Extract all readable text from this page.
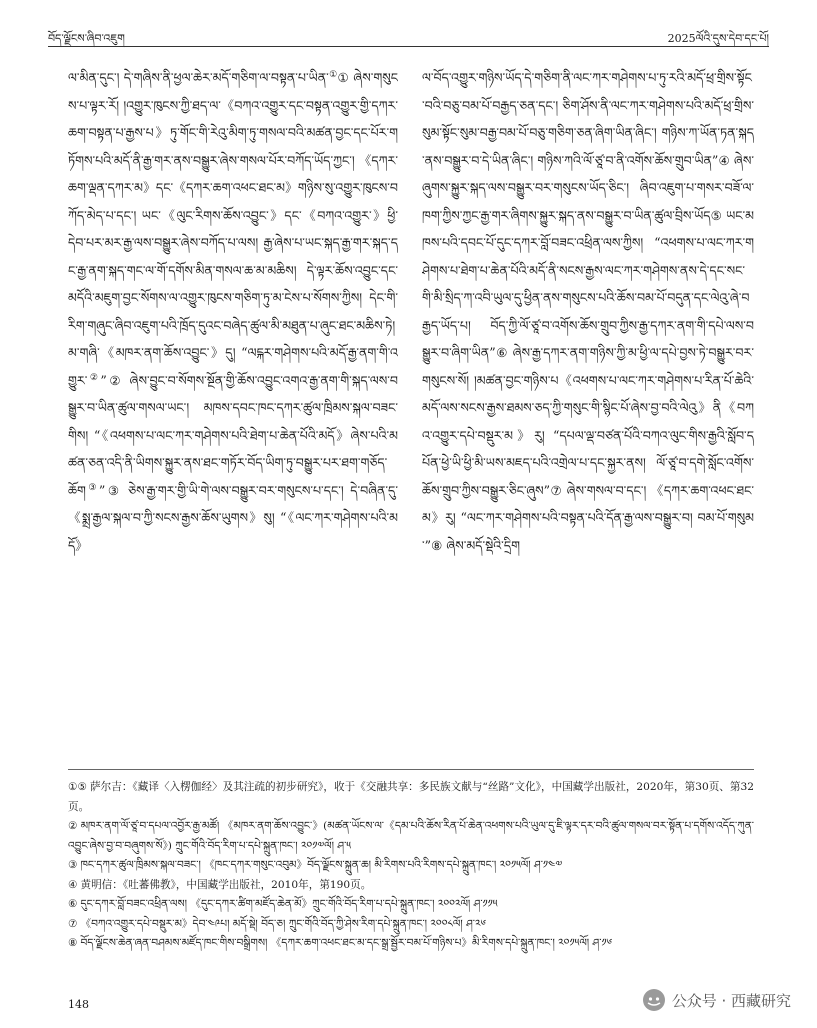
བོད་ལྗོངས་ཞིབ་འཇུག	2025ལོའི་དུས་དེབ་དང་པོ།
ལ་མིན་དུང་། དེ་གཞིས་ནི་ཕྱལ་ཆེར་མདོ་གཅིག་ལ་བསྟན་པ་ཡིན་①① ཞེས་གསུངས་པ་ལྟར་རོ། །འགྱུར་ཁུངས་ཀྱི་ཐད་ལ་《བཀའ་འགྱུར་དང་བསྟན་འགྱུར་གྱི་དཀར་ཆག་བསྟན་པ་རྒྱས་པ》ཏུ་གོང་གི་རེའུ་མིག་ཏུ་གསལ་བའི་མཚན་བྱང་དང་པོར་གཏོགས་པའི་མདོ་ནི་རྒྱ་གར་ནས་བསྒྱུར་ཞེས་གསལ་པོར་བཀོད་ཡོད་ཀྱང་། 《དཀར་ཆག་ལྡན་དཀར་མ》དང་《དཀར་ཆག་འཕང་ཐང་མ》གཉིས་སུ་འགྱུར་ཁུངས་བཀོད་མེད་པ་དང་། ཡང་《ལུང་རིགས་ཆོས་འབྱུང་》དང་《བཀའ་འགྱུར་》ཕྱི་དེབ་པར་མར་རྒྱ་ལས་བསྒྱུར་ཞེས་བཀོད་པ་ལས། རྒྱ་ཞེས་པ་ཡང་སྐད་རྒྱ་གར་སྐད་དང་རྒྱ་ནག་སྐད་གང་ལ་གོ་དགོས་མིན་གསལ་ཆ་མ་མཆིས། དེ་ལྟར་ཆོས་འབྱུང་དང་མདོའི་མཇུག་བྱང་སོགས་ལ་འགྱུར་ཁུངས་གཅིག་ཏུ་མ་ངེས་པ་སོགས་ཀྱིས། དེང་གི་རིག་གཞུང་ཞིབ་འཇུག་པའི་ཁྲོད་དུའང་བཞེད་ཚུལ་མི་མཐུན་པ་ཞུང་ཐང་མཆིས་ཏེ། མ་གཞི་《མཁར་ནག་ཆོས་འབྱུང་》དུ། “ལངྐར་གཤེགས་པའི་མདོ་རྒྱ་ནག་གི་འགྱུར་②”② ཞེས་བྱུང་བ་སོགས་སྔོན་གྱི་ཆོས་འབྱུང་འགའ་རྒྱ་ནག་གི་སྐད་ལས་བསྒྱུར་བ་ཡིན་ཚུལ་གསལ་ཡང་། མཁས་དབང་ཁང་དཀར་ཚུལ་ཁྲིམས་སྐལ་བཟང་གིས། “《འཕགས་པ་ལང་ཀར་གཤེགས་པའི་ཐེག་པ་ཆེན་པོའི་མདོ》ཞེས་པའི་མཚན་ཅན་འདི་ནི་ཡིགས་སྐྱུར་ནས་ཐང་གཏོར་བོད་ཡིག་ཏུ་བསྒྱུར་པར་ཐག་གཅོད་ཆོག③”③ ཅེས་རྒྱ་གར་གྱི་ཡི་གེ་ལས་བསྒྱུར་བར་གསུངས་པ་དང་། དེ་བཞིན་དུ་《སྨྲ་རྒྱལ་སྐལ་བ་ཀྱི་སངས་རྒྱས་ཆོས་ཡུགས》སུ། “《ལང་ཀར་གཤེགས་པའི་མདོ》
ལ་བོད་འགྱུར་གཉིས་ཡོད་དེ་གཅིག་ནི་ལང་ཀར་གཤེགས་པ་ཏུ་རའི་མདོ་ཕྲ་གྲིས་སྟོང་བའི་བཅུ་བམ་པོ་བརྒྱད་ཅན་དང་། ཅིག་ཤོས་ནི་ལང་ཀར་གཤེགས་པའི་མདོ་ཕྲ་གྲིས་སུམ་སྟོང་སུམ་བརྒྱ་བམ་པོ་བཅུ་གཅིག་ཅན་ཞིག་ཡིན་ཞིང་། གཉིས་ཀ་ཡོན་ཏན་སྐད་ནས་བསྒྱུར་བ་དེ་ཡིན་ཞིང་། གཉིས་ཀའི་ལོ་ཙཱ་བ་ནི་འགོས་ཆོས་གྲུབ་ཡིན”④ ཞེས་ཞུགས་སྐྱུར་སྐད་ལས་བསྒྱུར་བར་གསུངས་ཡོད་ཅིང་། ཞིབ་འཇུག་པ་གསར་བཟོ་ལ་ཁག་ཀྱིས་ཀྱང་རྒྱ་གར་ཞིགས་སྐྱུར་སྐད་ནས་བསྒྱུར་བ་ཡིན་ཚུལ་བྲིས་ཡོད⑤ ཡང་མཁས་པའི་དབང་པོ་དུང་དཀར་བློ་བཟང་འཕྲིན་ལས་ཀྱིས། “འཕགས་པ་ལང་ཀར་གཤེགས་པ་ཐེག་པ་ཆེན་པོའི་མདོ་ནི་སངས་རྒྱས་ལང་ཀར་གཤེགས་ནས་དེ་དང་སང་གི་མི་སྲིད་ཀ་འབི་ཡུལ་དུ་ཕྱིན་ནས་གསུངས་པའི་ཆོས་བམ་པོ་བདུན་དང་ལེའུ་ཞེ་བརྒྱད་ཡོད་པ། བོད་ཀྱི་ལོ་ཙཱ་བ་འགོས་ཆོས་གྲུབ་ཀྱིས་རྒྱ་དཀར་ནག་གི་དཔེ་ལས་བསྒྱུར་བ་ཞིག་ཡིན”⑥ ཞེས་རྒྱ་དཀར་ནག་གཉིས་ཀྱི་མ་ཕྱི་ལ་དཔེ་བྱས་ཏེ་བསྒྱུར་བར་གསུངས་སོ། །མཚན་བྱང་གཉིས་པ《འཕགས་པ་ལང་ཀར་གཤེགས་པ་རིན་པོ་ཆེའི་མདོ་ལས་སངས་རྒྱས་ཐམས་ཅད་ཀྱི་གསུང་གི་སྙིང་པོ་ཞེས་བྱ་བའི་ལེའུ》ནི《བཀའ་འགྱུར་དཔེ་བསྡུར་མ》རུ། “དཔལ་ལྡ་བཙན་པོའི་བཀའ་ལུང་གིས་རྒྱའི་སློབ་དཔོན་ཕྱེ་ཡི་ཕྱི་མི་ཡས་མཇད་པའི་འགྲེལ་པ་དང་སྐྱར་ནས། ལོ་ཙཱ་བ་དགེ་སློང་འགོས་ཆོས་གྲུབ་ཀྱིས་བསྒྱུར་ཅིང་ཞུས”⑦ ཞེས་གསལ་བ་དང་། 《དཀར་ཆག་འཕང་ཐང་མ》རུ། “ལང་ཀར་གཤེགས་པའི་བསྟན་པའི་དོན་རྒྱ་ལས་བསྒྱུར་བ། བམ་པོ་གསུམ་”⑧ ཞེས་མདོ་སྡེའི་དྲིག

①⑤ 萨尔吉：《藏译〈入楞伽经〉及其注疏的初步研究》，收于《交融共享：多民族文献与“丝路”文化》，中国藏学出版社，2020年，第30页、第32页。

② མཁར་ནག་ལོ་ཙཱ་བ་དཔལ་འབྱོར་རྒྱ་མཚོ། 《མཁར་ནག་ཆོས་འབྱུང་》(མཚན་ཡོངས་ལ་《དམ་པའི་ཆོས་རིན་པོ་ཆེན་འཕགས་པའི་ཡུལ་དུ་ཇི་ལྟར་དར་བའི་ཚུལ་གསལ་བར་སྟོན་པ་དགོས་འདོད་ཀུན་འབྱུང་ཞེས་བྱ་བ་བཞུགས་སོ》) ཀྲུང་གོའི་བོད་རིག་པ་དཔེ་སྐྲུན་ཁང་། ༢༠༡༧ལོ། ཤ་༥

③ ཁང་དཀར་ཚུལ་ཁྲིམས་སྐལ་བཟང་། 《ཁང་དཀར་གསུང་འབུམ》བོད་ལྗོངས་སྐྲུན་ཆ། མི་རིགས་པའི་རིགས་དཔེ་སྐྲུན་ཁང་། ༢༠༡༥ལོ། ཤ་༡༤༧

④ 黄明信：《吐蕃佛教》，中国藏学出版社，2010年，第190页。

⑥ དུང་དཀར་བློ་བཟང་འཕྲིན་ལས། 《དུང་དཀར་ཚིག་མཛོད་ཆེན་མོ》ཀྲུང་གོའི་བོད་རིག་པ་དཔེ་སྐྲུན་ཁང་། ༢༠༠༢ལོ། ཤ་༡༡༥

⑦ 《བཀའ་འགྱུར་དཔེ་བསྡུར་མ》དེབ་༤༩པ། མདོ་སྡེ། བོད་ཅ། ཀྲུང་གོའི་བོད་ཀྱི་ཤེས་རིག་དཔེ་སྐྲུན་ཁང་། ༢༠༠༨ལོ། ཤ་༢༦

⑧ བོད་ལྗོངས་ཆེན་ཞན་བཤམས་མཛོད་ཁང་གིས་བསྒྲིགས། 《དཀར་ཆག་འཕང་ཐང་མ་དང་སྒྲ་སྦྱོར་བམ་པོ་གཉིས་པ》མི་རིགས་དཔེ་སྐྲུན་ཁང་། ༢༠༡༥ལོ། ཤ་༡༦

148	公众号 · 西藏研究
